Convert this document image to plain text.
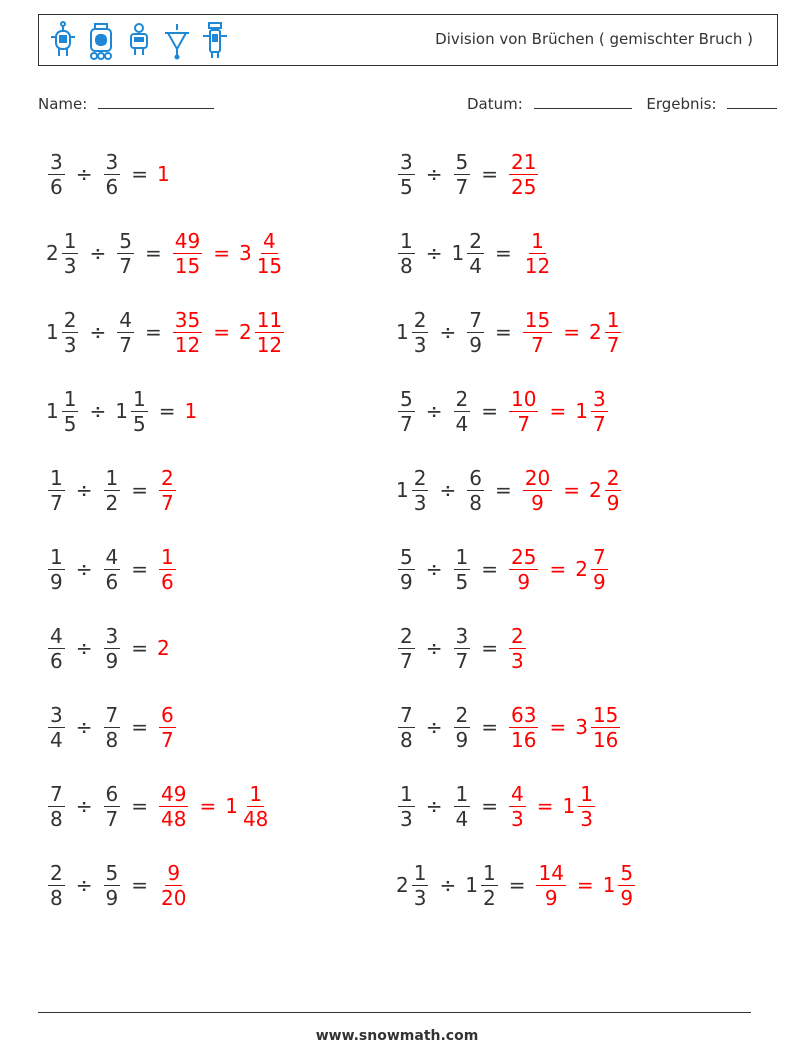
Division von Brüchen ( gemischter Bruch )
Name:	Datum:	Ergebnis:
$\frac{3}{6} \div \frac{3}{6} = 1$	$\frac{3}{5} \div \frac{5}{7} = \frac{21}{25}$
$2 \frac{1}{3} \div \frac{5}{7} = \frac{49}{15} = 3 \frac{4}{15}$	$\frac{1}{8} \div 1 \frac{2}{4} = \frac{1}{12}$
$1 \frac{2}{3} \div \frac{4}{7} = \frac{35}{12} = 2 \frac{11}{12}$	$1 \frac{2}{3} \div \frac{7}{9} = \frac{15}{7} = 2 \frac{1}{7}$
$1 \frac{1}{5} \div 1 \frac{1}{5} = 1$	$\frac{5}{7} \div \frac{2}{4} = \frac{10}{7} = 1 \frac{3}{7}$
$\frac{1}{7} \div \frac{1}{2} = \frac{2}{7}$	$1 \frac{2}{3} \div \frac{6}{8} = \frac{20}{9} = 2 \frac{2}{9}$
$\frac{1}{9} \div \frac{4}{6} = \frac{1}{6}$	$\frac{5}{9} \div \frac{1}{5} = \frac{25}{9} = 2 \frac{7}{9}$
$\frac{4}{6} \div \frac{3}{9} = 2$	$\frac{2}{7} \div \frac{3}{7} = \frac{2}{3}$
$\frac{3}{4} \div \frac{7}{8} = \frac{6}{7}$	$\frac{7}{8} \div \frac{2}{9} = \frac{63}{16} = 3 \frac{15}{16}$
$\frac{7}{8} \div \frac{6}{7} = \frac{49}{48} = 1 \frac{1}{48}$	$\frac{1}{3} \div \frac{1}{4} = \frac{4}{3} = 1 \frac{1}{3}$
$\frac{2}{8} \div \frac{5}{9} = \frac{9}{20}$	$2 \frac{1}{3} \div 1 \frac{1}{2} = \frac{14}{9} = 1 \frac{5}{9}$
www.snowmath.com
